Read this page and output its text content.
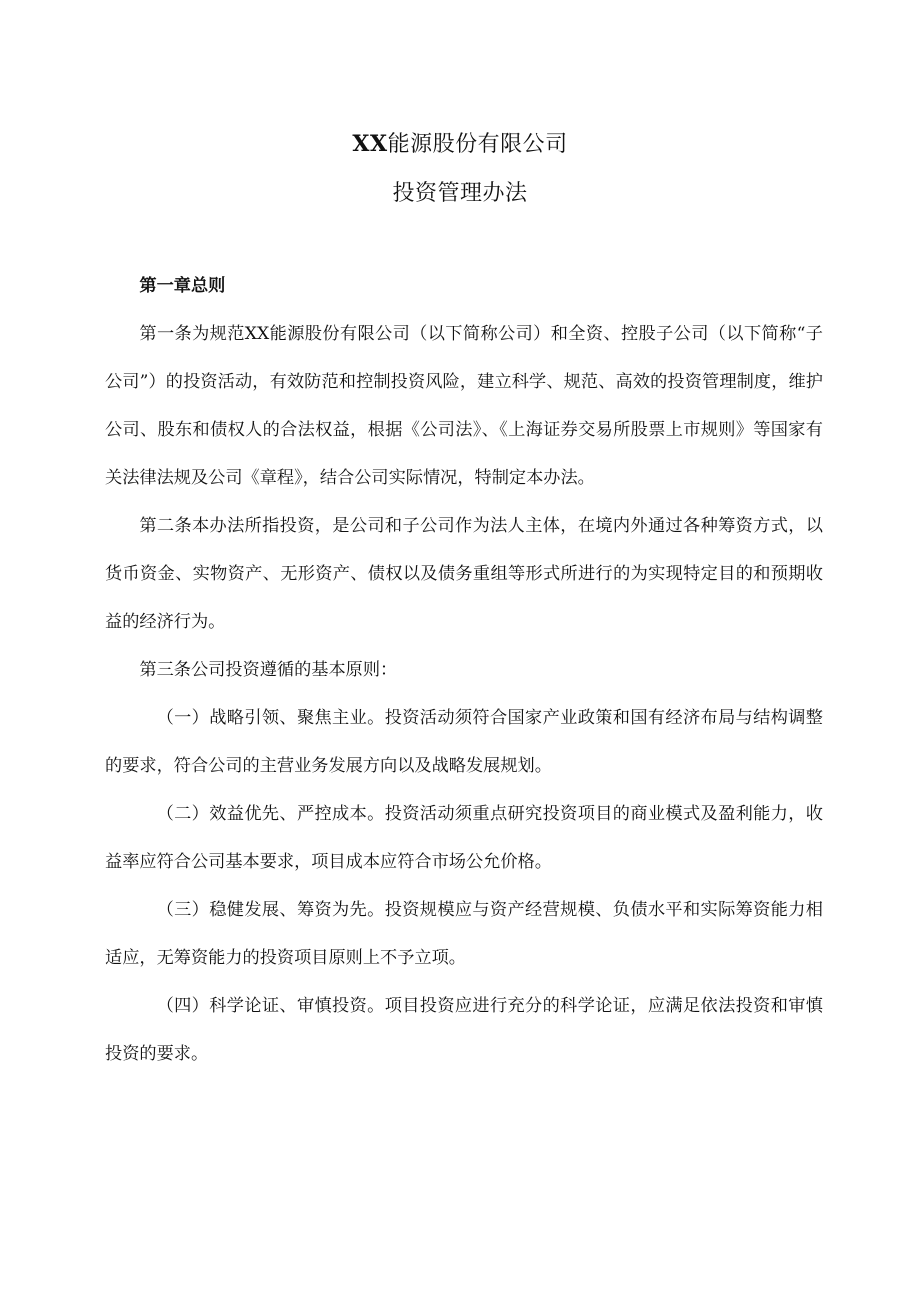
XX能源股份有限公司
投资管理办法

第一章总则

第一条为规范XX能源股份有限公司（以下简称公司）和全资、控股子公司（以下简称“子公司”）的投资活动，有效防范和控制投资风险，建立科学、规范、高效的投资管理制度，维护公司、股东和债权人的合法权益，根据《公司法》、《上海证券交易所股票上市规则》等国家有关法律法规及公司《章程》，结合公司实际情况，特制定本办法。

第二条本办法所指投资，是公司和子公司作为法人主体，在境内外通过各种筹资方式，以货币资金、实物资产、无形资产、债权以及债务重组等形式所进行的为实现特定目的和预期收益的经济行为。

第三条公司投资遵循的基本原则：

（一）战略引领、聚焦主业。投资活动须符合国家产业政策和国有经济布局与结构调整的要求，符合公司的主营业务发展方向以及战略发展规划。

（二）效益优先、严控成本。投资活动须重点研究投资项目的商业模式及盈利能力，收益率应符合公司基本要求，项目成本应符合市场公允价格。

（三）稳健发展、筹资为先。投资规模应与资产经营规模、负债水平和实际筹资能力相适应，无筹资能力的投资项目原则上不予立项。

（四）科学论证、审慎投资。项目投资应进行充分的科学论证，应满足依法投资和审慎投资的要求。
